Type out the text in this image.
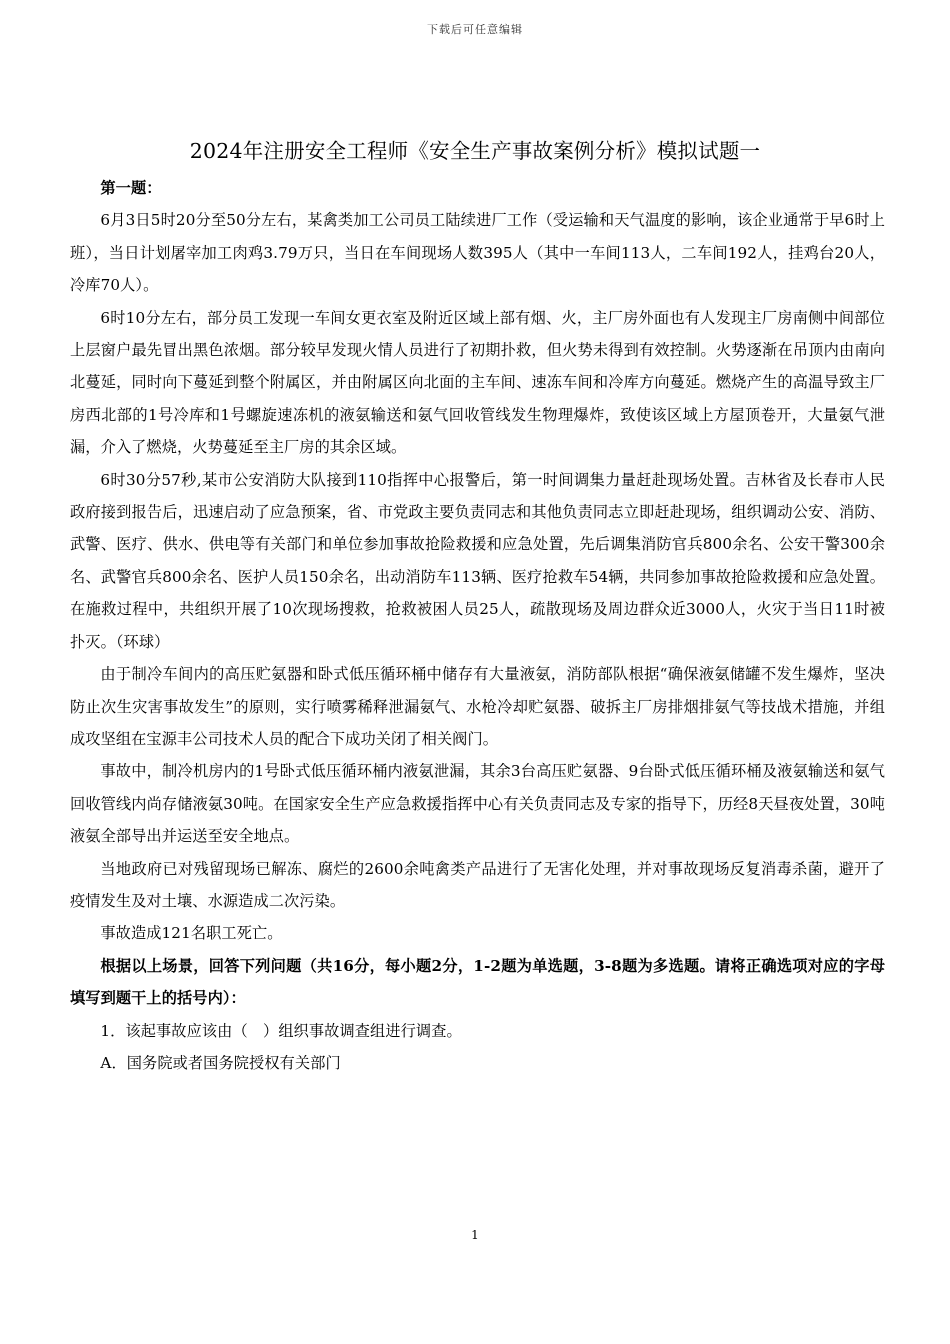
下载后可任意编辑
2024年注册安全工程师《安全生产事故案例分析》模拟试题一

第一题：

6月3日5时20分至50分左右，某禽类加工公司员工陆续进厂工作（受运输和天气温度的影响，该企业通常于早6时上班），当日计划屠宰加工肉鸡3.79万只，当日在车间现场人数395人（其中一车间113人，二车间192人，挂鸡台20人，冷库70人）。

6时10分左右，部分员工发现一车间女更衣室及附近区域上部有烟、火，主厂房外面也有人发现主厂房南侧中间部位上层窗户最先冒出黑色浓烟。部分较早发现火情人员进行了初期扑救，但火势未得到有效控制。火势逐渐在吊顶内由南向北蔓延，同时向下蔓延到整个附属区，并由附属区向北面的主车间、速冻车间和冷库方向蔓延。燃烧产生的高温导致主厂房西北部的1号冷库和1号螺旋速冻机的液氨输送和氨气回收管线发生物理爆炸，致使该区域上方屋顶卷开，大量氨气泄漏，介入了燃烧，火势蔓延至主厂房的其余区域。

6时30分57秒,某市公安消防大队接到110指挥中心报警后，第一时间调集力量赶赴现场处置。吉林省及长春市人民政府接到报告后，迅速启动了应急预案，省、市党政主要负责同志和其他负责同志立即赶赴现场，组织调动公安、消防、武警、医疗、供水、供电等有关部门和单位参加事故抢险救援和应急处置，先后调集消防官兵800余名、公安干警300余名、武警官兵800余名、医护人员150余名，出动消防车113辆、医疗抢救车54辆，共同参加事故抢险救援和应急处置。在施救过程中，共组织开展了10次现场搜救，抢救被困人员25人，疏散现场及周边群众近3000人，火灾于当日11时被扑灭。（环球）

由于制冷车间内的高压贮氨器和卧式低压循环桶中储存有大量液氨，消防部队根据“确保液氨储罐不发生爆炸，坚决防止次生灾害事故发生”的原则，实行喷雾稀释泄漏氨气、水枪冷却贮氨器、破拆主厂房排烟排氨气等技战术措施，并组成攻坚组在宝源丰公司技术人员的配合下成功关闭了相关阀门。

事故中，制冷机房内的1号卧式低压循环桶内液氨泄漏，其余3台高压贮氨器、9台卧式低压循环桶及液氨输送和氨气回收管线内尚存储液氨30吨。在国家安全生产应急救援指挥中心有关负责同志及专家的指导下，历经8天昼夜处置，30吨液氨全部导出并运送至安全地点。

当地政府已对残留现场已解冻、腐烂的2600余吨禽类产品进行了无害化处理，并对事故现场反复消毒杀菌，避开了疫情发生及对土壤、水源造成二次污染。

事故造成121名职工死亡。

根据以上场景，回答下列问题（共16分，每小题2分，1-2题为单选题，3-8题为多选题。请将正确选项对应的字母填写到题干上的括号内）：

1．该起事故应该由（　）组织事故调查组进行调查。

A．国务院或者国务院授权有关部门

1
